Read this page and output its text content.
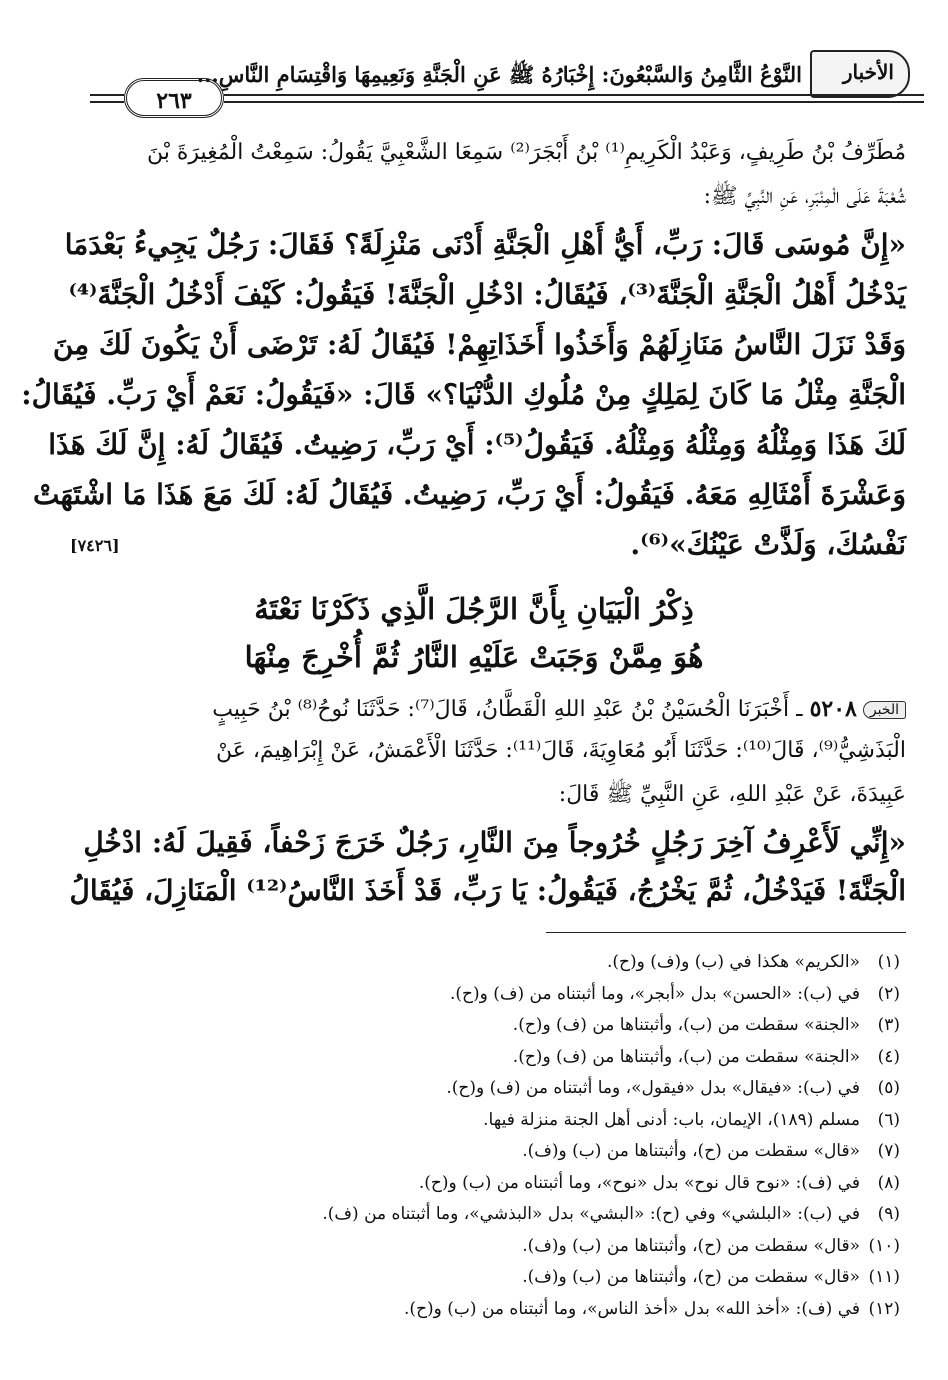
الأخبار
النَّوْعُ الثَّامِنُ وَالسَّبْعُونَ: إِخْبَارُهُ ﷺ عَنِ الْجَنَّةِ وَنَعِيمِهَا وَاقْتِسَامِ النَّاسِ...
٢٦٣
مُطَرِّفُ بْنُ طَرِيفٍ، وَعَبْدُ الْكَرِيمِ⁽¹⁾ بْنُ أَبْجَرَ⁽²⁾ سَمِعَا الشَّعْبِيَّ يَقُولُ: سَمِعْتُ الْمُغِيرَةَ بْنَ
شُعْبَةَ عَلَى الْمِنْبَرِ، عَنِ النَّبِيِّ ﷺ:
«إِنَّ مُوسَى قَالَ: رَبِّ، أَيُّ أَهْلِ الْجَنَّةِ أَدْنَى مَنْزِلَةً؟ فَقَالَ: رَجُلٌ يَجِيءُ بَعْدَمَا
يَدْخُلُ أَهْلُ الْجَنَّةِ الْجَنَّةَ⁽³⁾، فَيُقَالُ: ادْخُلِ الْجَنَّةَ! فَيَقُولُ: كَيْفَ أَدْخُلُ الْجَنَّةَ⁽⁴⁾
وَقَدْ نَزَلَ النَّاسُ مَنَازِلَهُمْ وَأَخَذُوا أَخَذَاتِهِمْ! فَيُقَالُ لَهُ: تَرْضَى أَنْ يَكُونَ لَكَ مِنَ
الْجَنَّةِ مِثْلُ مَا كَانَ لِمَلِكٍ مِنْ مُلُوكِ الدُّنْيَا؟» قَالَ: «فَيَقُولُ: نَعَمْ أَيْ رَبِّ. فَيُقَالُ:
لَكَ هَذَا وَمِثْلُهُ وَمِثْلُهُ وَمِثْلُهُ. فَيَقُولُ⁽⁵⁾: أَيْ رَبِّ، رَضِيتُ. فَيُقَالُ لَهُ: إِنَّ لَكَ هَذَا
وَعَشْرَةَ أَمْثَالِهِ مَعَهُ. فَيَقُولُ: أَيْ رَبِّ، رَضِيتُ. فَيُقَالُ لَهُ: لَكَ مَعَ هَذَا مَا اشْتَهَتْ
نَفْسُكَ، وَلَذَّتْ عَيْنُكَ»⁽⁶⁾.
[٧٤٢٦]
ذِكْرُ الْبَيَانِ بِأَنَّ الرَّجُلَ الَّذِي ذَكَرْنَا نَعْتَهُ
هُوَ مِمَّنْ وَجَبَتْ عَلَيْهِ النَّارُ ثُمَّ أُخْرِجَ مِنْهَا
الخبر٥٢٠٨ ـ أَخْبَرَنَا الْحُسَيْنُ بْنُ عَبْدِ اللهِ الْقَطَّانُ، قَالَ⁽⁷⁾: حَدَّثَنَا نُوحُ⁽⁸⁾ بْنُ حَبِيبٍ
الْبَذَشِيُّ⁽⁹⁾، قَالَ⁽¹⁰⁾: حَدَّثَنَا أَبُو مُعَاوِيَةَ، قَالَ⁽¹¹⁾: حَدَّثَنَا الْأَعْمَشُ، عَنْ إِبْرَاهِيمَ، عَنْ
عَبِيدَةَ، عَنْ عَبْدِ اللهِ، عَنِ النَّبِيِّ ﷺ قَالَ:
«إِنِّي لَأَعْرِفُ آخِرَ رَجُلٍ خُرُوجاً مِنَ النَّارِ، رَجُلٌ خَرَجَ زَحْفاً، فَقِيلَ لَهُ: ادْخُلِ
الْجَنَّةَ! فَيَدْخُلُ، ثُمَّ يَخْرُجُ، فَيَقُولُ: يَا رَبِّ، قَدْ أَخَذَ النَّاسُ⁽¹²⁾ الْمَنَازِلَ، فَيُقَالُ
(١)«الكريم» هكذا في (ب) و(ف) و(ح).
(٢)في (ب): «الحسن» بدل «أبجر»، وما أثبتناه من (ف) و(ح).
(٣)«الجنة» سقطت من (ب)، وأثبتناها من (ف) و(ح).
(٤)«الجنة» سقطت من (ب)، وأثبتناها من (ف) و(ح).
(٥)في (ب): «فيقال» بدل «فيقول»، وما أثبتناه من (ف) و(ح).
(٦)مسلم (١٨٩)، الإيمان، باب: أدنى أهل الجنة منزلة فيها.
(٧)«قال» سقطت من (ح)، وأثبتناها من (ب) و(ف).
(٨)في (ف): «نوح قال نوح» بدل «نوح»، وما أثبتناه من (ب) و(ح).
(٩)في (ب): «البلشي» وفي (ح): «البشي» بدل «البذشي»، وما أثبتناه من (ف).
(١٠)«قال» سقطت من (ح)، وأثبتناها من (ب) و(ف).
(١١)«قال» سقطت من (ح)، وأثبتناها من (ب) و(ف).
(١٢)في (ف): «أخذ الله» بدل «أخذ الناس»، وما أثبتناه من (ب) و(ح).
